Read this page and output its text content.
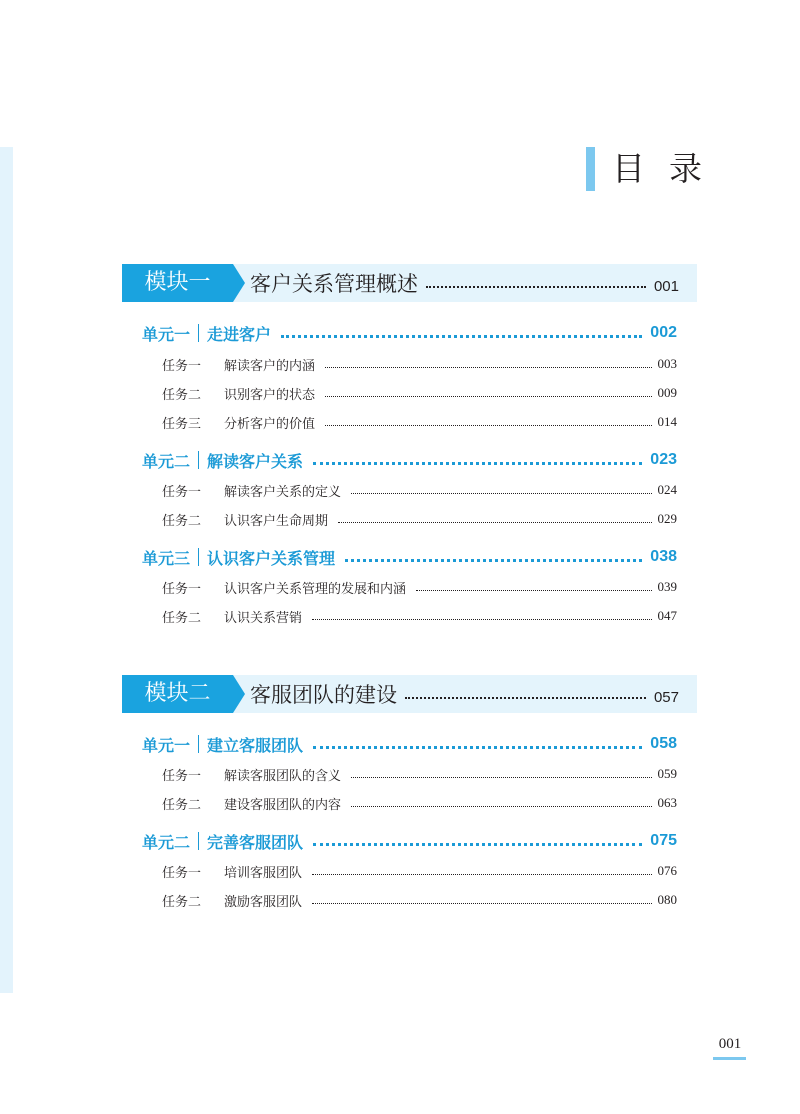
目录
模块一	客户关系管理概述	001
单元一 走进客户	002
任务一	解读客户的内涵	003
任务二	识别客户的状态	009
任务三	分析客户的价值	014
单元二 解读客户关系	023
任务一	解读客户关系的定义	024
任务二	认识客户生命周期	029
单元三 认识客户关系管理	038
任务一	认识客户关系管理的发展和内涵	039
任务二	认识关系营销	047
模块二	客服团队的建设	057
单元一 建立客服团队	058
任务一	解读客服团队的含义	059
任务二	建设客服团队的内容	063
单元二 完善客服团队	075
任务一	培训客服团队	076
任务二	激励客服团队	080
001
